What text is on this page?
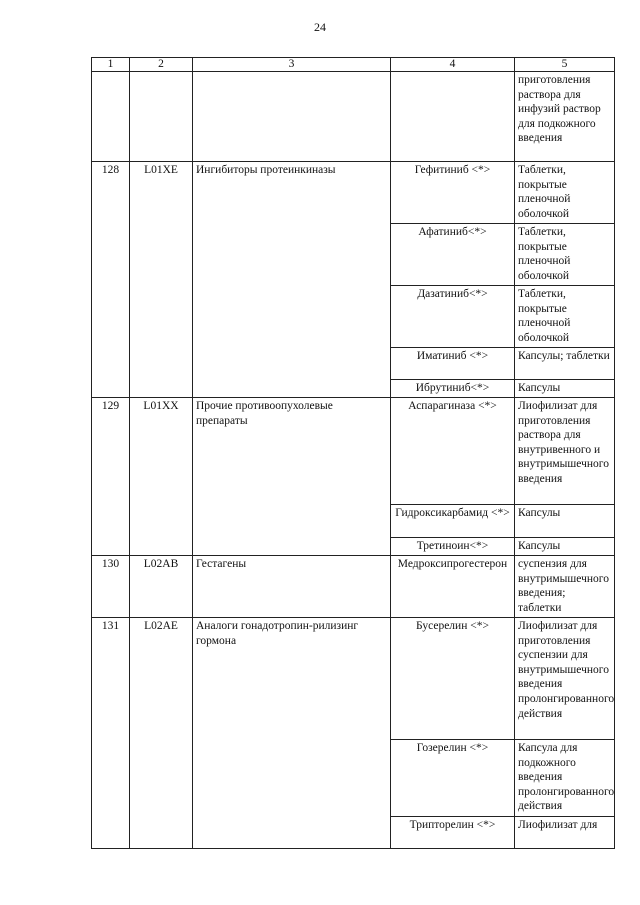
24
1	2	3	4	5
				приготовления раствора для инфузий раствор для подкожного введения
128	L01XE	Ингибиторы протеинкиназы	Гефитиниб <*>	Таблетки, покрытые пленочной оболочкой
			Афатиниб<*>	Таблетки, покрытые пленочной оболочкой
			Дазатиниб<*>	Таблетки, покрытые пленочной оболочкой
			Иматиниб <*>	Капсулы; таблетки
			Ибрутиниб<*>	Капсулы
129	L01XX	Прочие противоопухолевые препараты	Аспарагиназа <*>	Лиофилизат для приготовления раствора для внутривенного и внутримышечного введения
			Гидроксикарбамид <*>	Капсулы
			Третиноин<*>	Капсулы
130	L02AB	Гестагены	Медроксипрогестерон	суспензия для внутримышечного введения; таблетки
131	L02AE	Аналоги гонадотропин-рилизинг гормона	Бусерелин <*>	Лиофилизат для приготовления суспензии для внутримышечного введения пролонгированного действия
			Гозерелин <*>	Капсула для подкожного введения пролонгированного действия
			Трипторелин <*>	Лиофилизат для
